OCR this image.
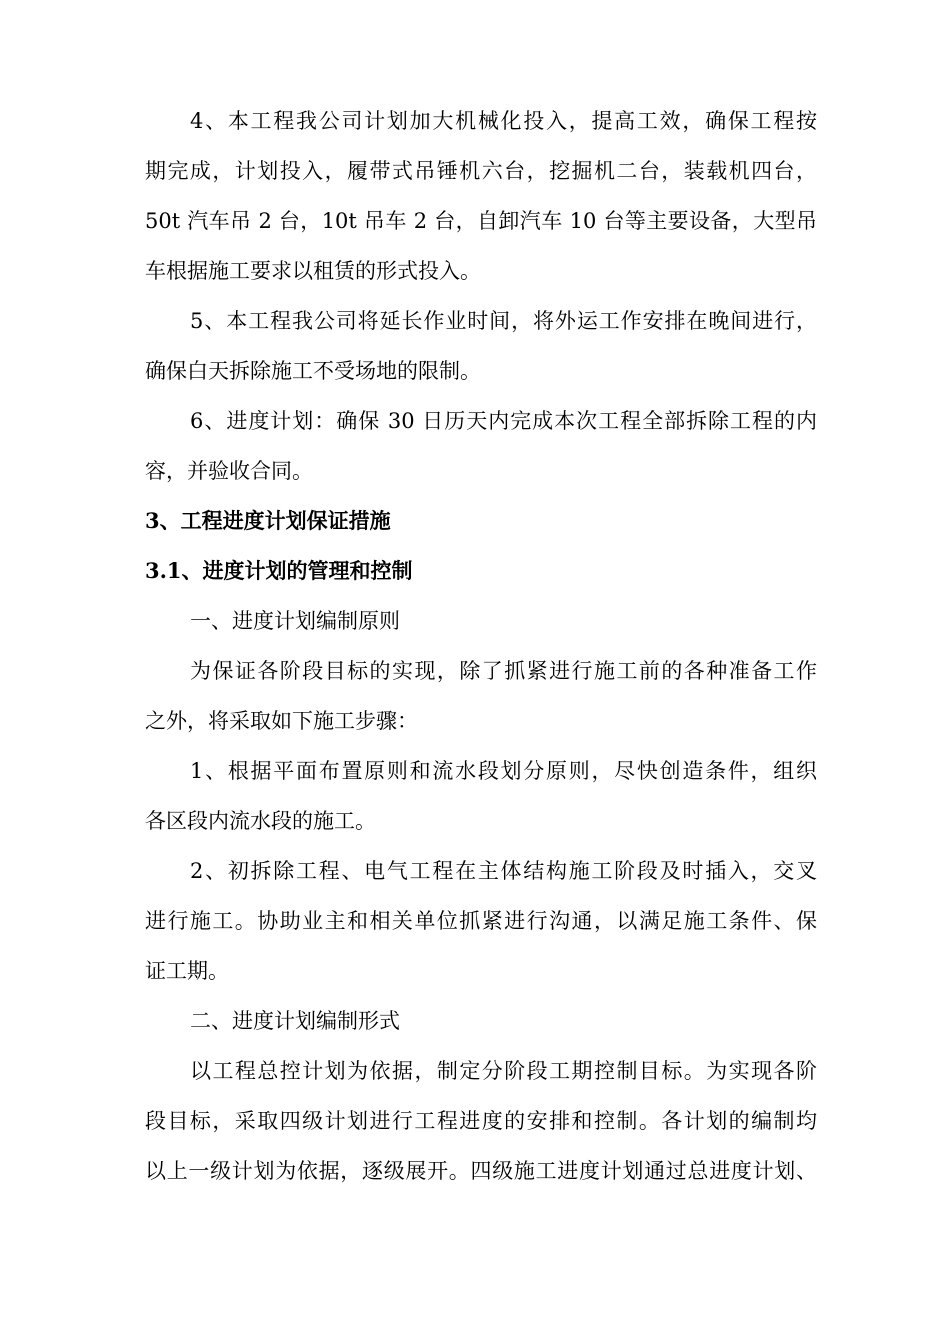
4、本工程我公司计划加大机械化投入，提高工效，确保工程按
期完成，计划投入，履带式吊锤机六台，挖掘机二台，装载机四台，
50t 汽车吊 2 台，10t 吊车 2 台，自卸汽车 10 台等主要设备，大型吊
车根据施工要求以租赁的形式投入。
5、本工程我公司将延长作业时间，将外运工作安排在晚间进行，
确保白天拆除施工不受场地的限制。
6、进度计划：确保 30 日历天内完成本次工程全部拆除工程的内
容，并验收合同。
3、工程进度计划保证措施
3.1、进度计划的管理和控制
一、进度计划编制原则
为保证各阶段目标的实现，除了抓紧进行施工前的各种准备工作
之外，将采取如下施工步骤：
1、根据平面布置原则和流水段划分原则，尽快创造条件，组织
各区段内流水段的施工。
2、初拆除工程、电气工程在主体结构施工阶段及时插入，交叉
进行施工。协助业主和相关单位抓紧进行沟通，以满足施工条件、保
证工期。
二、进度计划编制形式
以工程总控计划为依据，制定分阶段工期控制目标。为实现各阶
段目标，采取四级计划进行工程进度的安排和控制。各计划的编制均
以上一级计划为依据，逐级展开。四级施工进度计划通过总进度计划、
